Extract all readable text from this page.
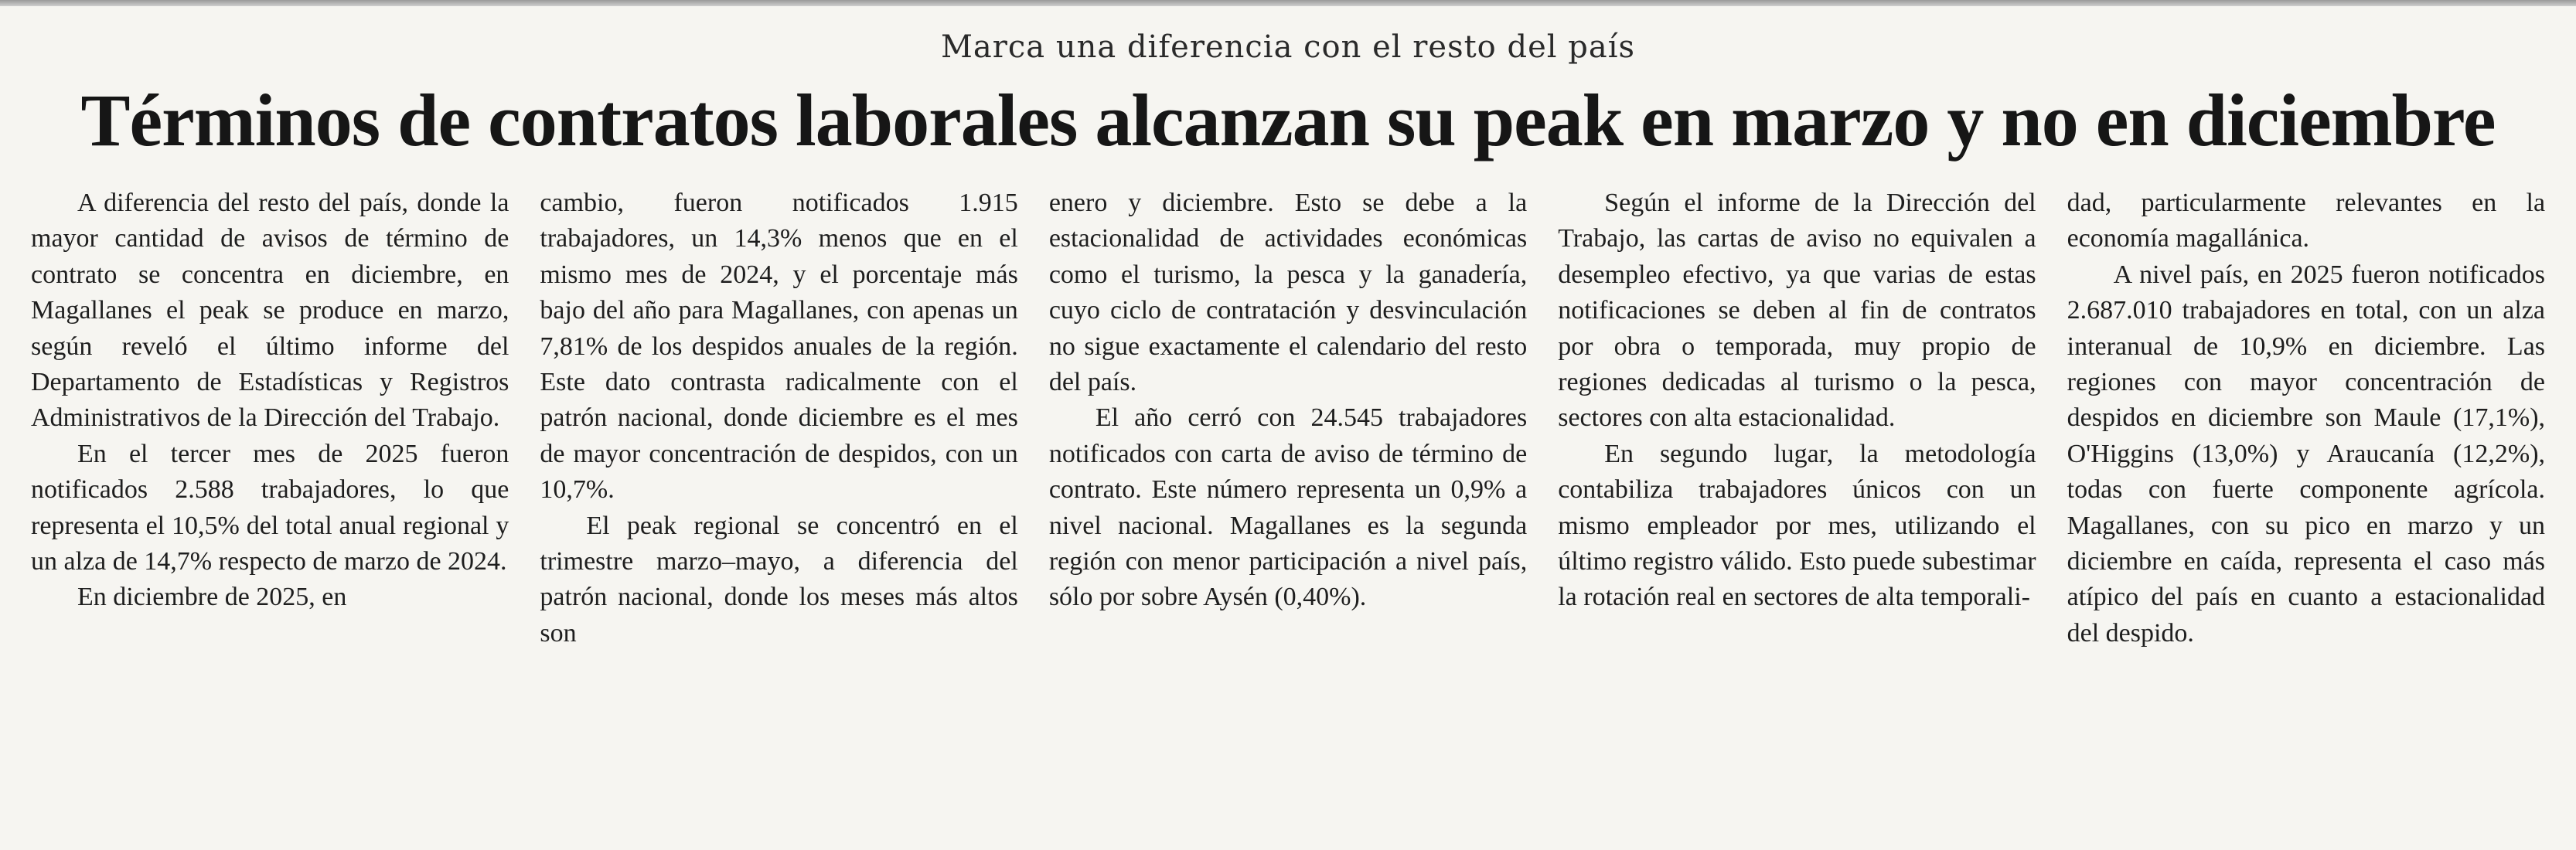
Marca una diferencia con el resto del país
Términos de contratos laborales alcanzan su peak en marzo y no en diciembre

A diferencia del resto del país, donde la mayor cantidad de avisos de término de contrato se concentra en diciembre, en Magallanes el peak se produce en marzo, según reveló el último informe del Departamento de Estadísticas y Registros Administrativos de la Dirección del Trabajo.

En el tercer mes de 2025 fueron notificados 2.588 trabajadores, lo que representa el 10,5% del total anual regional y un alza de 14,7% respecto de marzo de 2024.

En diciembre de 2025, en

cambio, fueron notificados 1.915 trabajadores, un 14,3% menos que en el mismo mes de 2024, y el porcentaje más bajo del año para Magallanes, con apenas un 7,81% de los despidos anuales de la región. Este dato contrasta radicalmente con el patrón nacional, donde diciembre es el mes de mayor concentración de despidos, con un 10,7%.

El peak regional se concentró en el trimestre marzo–mayo, a diferencia del patrón nacional, donde los meses más altos son

enero y diciembre. Esto se debe a la estacionalidad de actividades económicas como el turismo, la pesca y la ganadería, cuyo ciclo de contratación y desvinculación no sigue exactamente el calendario del resto del país.

El año cerró con 24.545 trabajadores notificados con carta de aviso de término de contrato. Este número representa un 0,9% a nivel nacional. Magallanes es la segunda región con menor participación a nivel país, sólo por sobre Aysén (0,40%).

Según el informe de la Dirección del Trabajo, las cartas de aviso no equivalen a desempleo efectivo, ya que varias de estas notificaciones se deben al fin de contratos por obra o temporada, muy propio de regiones dedicadas al turismo o la pesca, sectores con alta estacionalidad.

En segundo lugar, la metodología contabiliza trabajadores únicos con un mismo empleador por mes, utilizando el último registro válido. Esto puede subestimar la rotación real en sectores de alta temporali-

dad, particularmente relevantes en la economía magallánica.

A nivel país, en 2025 fueron notificados 2.687.010 trabajadores en total, con un alza interanual de 10,9% en diciembre. Las regiones con mayor concentración de despidos en diciembre son Maule (17,1%), O'Higgins (13,0%) y Araucanía (12,2%), todas con fuerte componente agrícola. Magallanes, con su pico en marzo y un diciembre en caída, representa el caso más atípico del país en cuanto a estacionalidad del despido.
